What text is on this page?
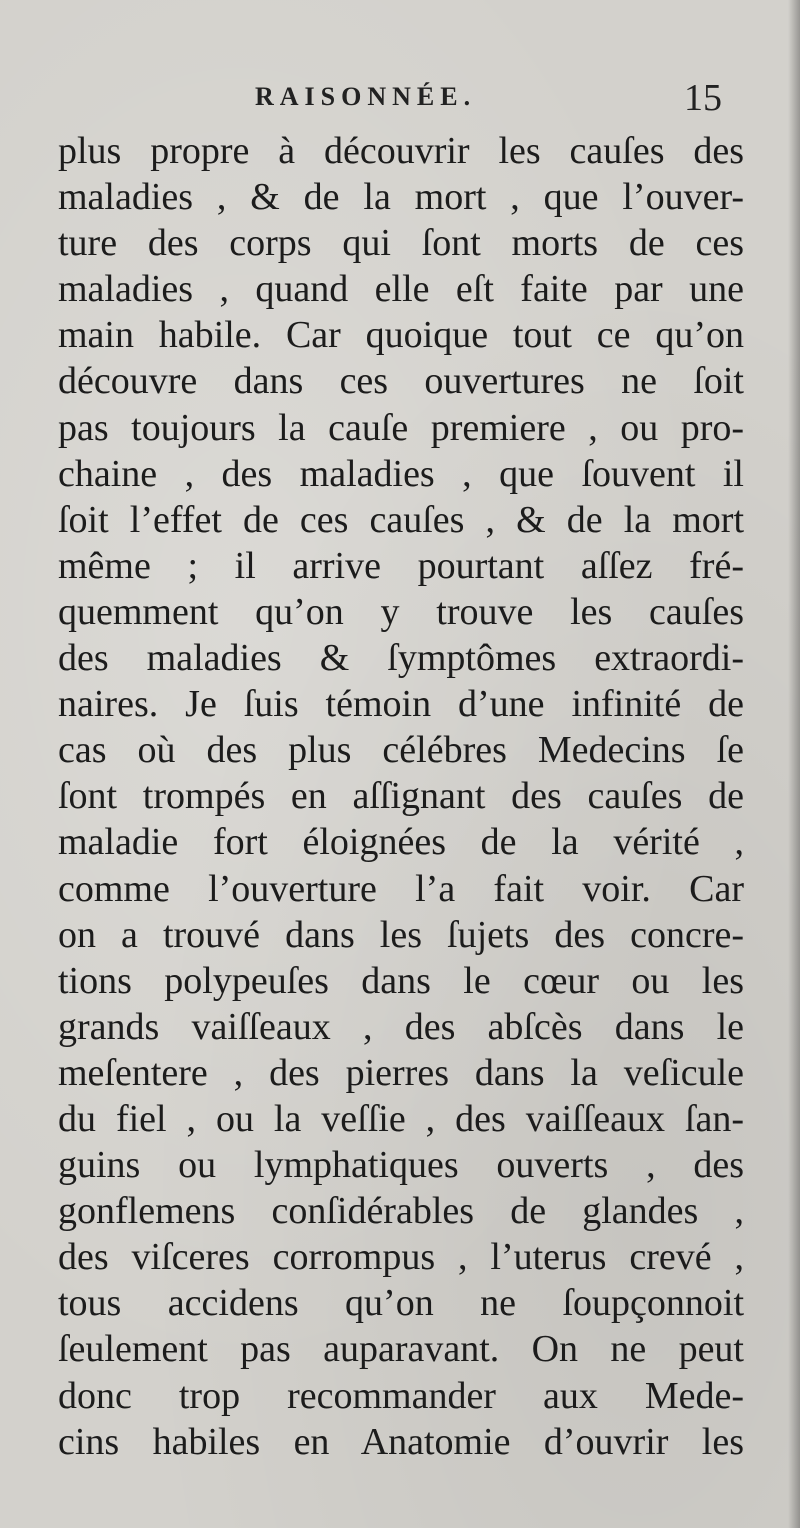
RAISONNÉE.	15
plus propre à découvrir les cauſes des
maladies , & de la mort , que l’ouver-
ture des corps qui ſont morts de ces
maladies , quand elle eſt faite par une
main habile. Car quoique tout ce qu’on
découvre dans ces ouvertures ne ſoit
pas toujours la cauſe premiere , ou pro-
chaine , des maladies , que ſouvent il
ſoit l’effet de ces cauſes , & de la mort
même ; il arrive pourtant aſſez fré-
quemment qu’on y trouve les cauſes
des maladies & ſymptômes extraordi-
naires. Je ſuis témoin d’une infinité de
cas où des plus célébres Medecins ſe
ſont trompés en aſſignant des cauſes de
maladie fort éloignées de la vérité ,
comme l’ouverture l’a fait voir. Car
on a trouvé dans les ſujets des concre-
tions polypeuſes dans le cœur ou les
grands vaiſſeaux , des abſcès dans le
meſentere , des pierres dans la veſicule
du fiel , ou la veſſie , des vaiſſeaux ſan-
guins ou lymphatiques ouverts , des
gonflemens conſidérables de glandes ,
des viſceres corrompus , l’uterus crevé ,
tous accidens qu’on ne ſoupçonnoit
ſeulement pas auparavant. On ne peut
donc trop recommander aux Mede-
cins habiles en Anatomie d’ouvrir les
